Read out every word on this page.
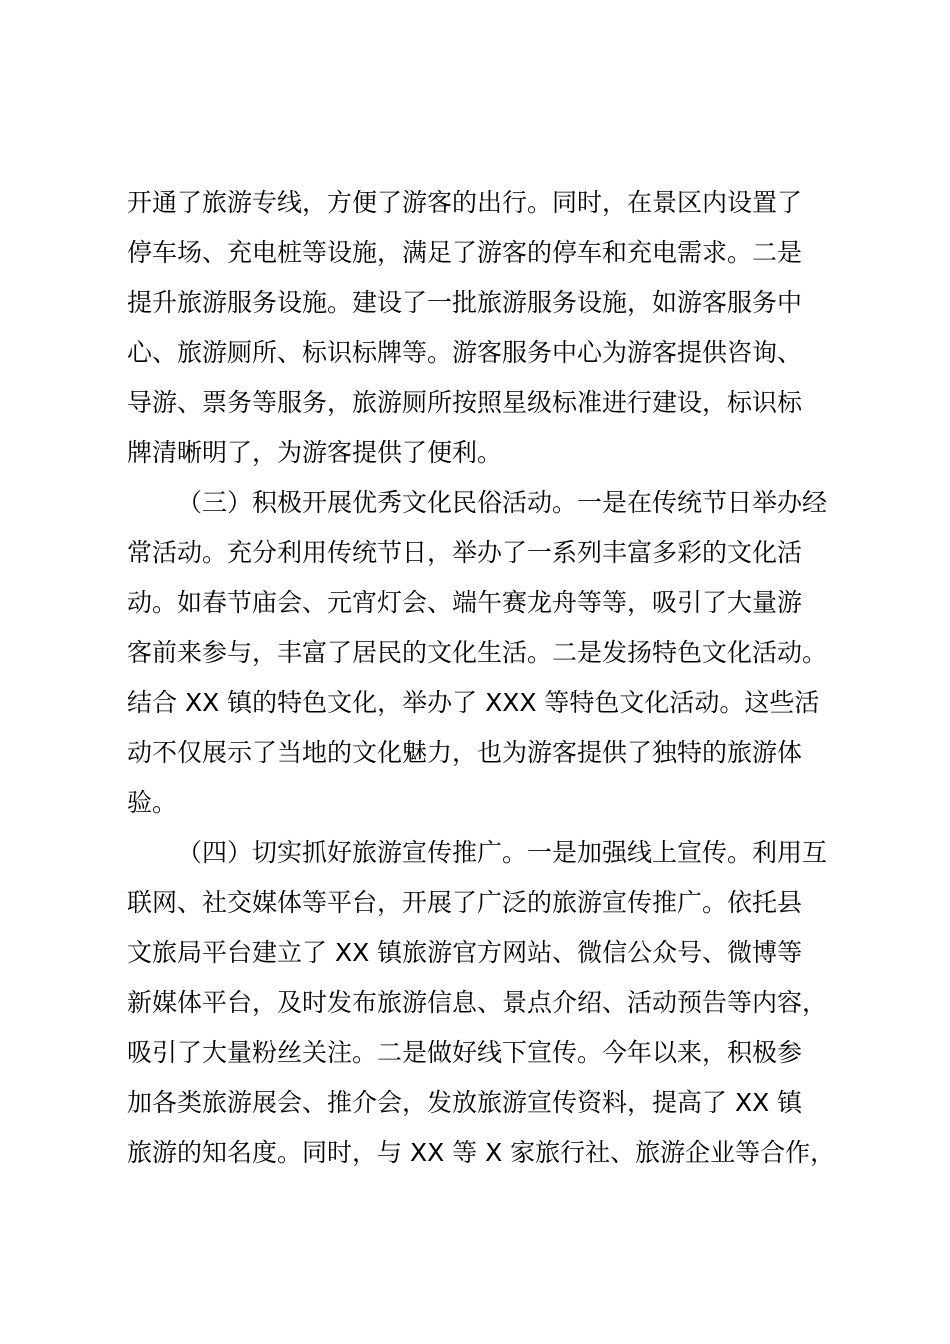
开通了旅游专线，方便了游客的出行。同时，在景区内设置了
停车场、充电桩等设施，满足了游客的停车和充电需求。二是
提升旅游服务设施。建设了一批旅游服务设施，如游客服务中
心、旅游厕所、标识标牌等。游客服务中心为游客提供咨询、
导游、票务等服务，旅游厕所按照星级标准进行建设，标识标
牌清晰明了，为游客提供了便利。

（三）积极开展优秀文化民俗活动。一是在传统节日举办经
常活动。充分利用传统节日，举办了一系列丰富多彩的文化活
动。如春节庙会、元宵灯会、端午赛龙舟等等，吸引了大量游
客前来参与，丰富了居民的文化生活。二是发扬特色文化活动。
结合 XX 镇的特色文化，举办了 XXX 等特色文化活动。这些活
动不仅展示了当地的文化魅力，也为游客提供了独特的旅游体
验。

（四）切实抓好旅游宣传推广。一是加强线上宣传。利用互
联网、社交媒体等平台，开展了广泛的旅游宣传推广。依托县
文旅局平台建立了 XX 镇旅游官方网站、微信公众号、微博等
新媒体平台，及时发布旅游信息、景点介绍、活动预告等内容，
吸引了大量粉丝关注。二是做好线下宣传。今年以来，积极参
加各类旅游展会、推介会，发放旅游宣传资料，提高了 XX 镇
旅游的知名度。同时，与 XX 等 X 家旅行社、旅游企业等合作，
